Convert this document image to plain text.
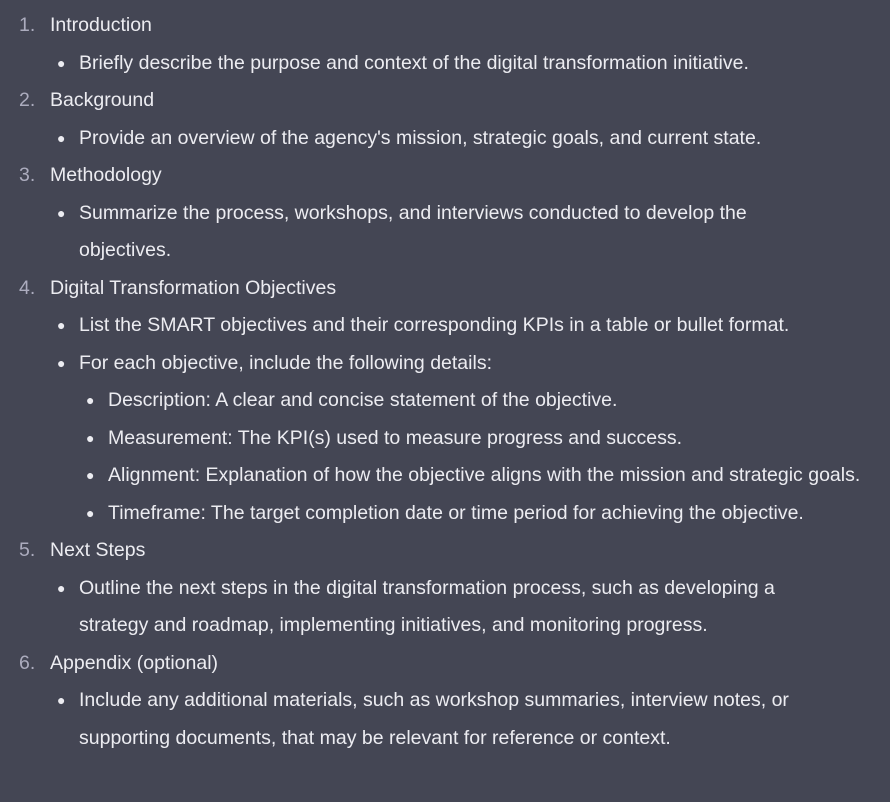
1. Introduction
● Briefly describe the purpose and context of the digital transformation initiative.
2. Background
● Provide an overview of the agency's mission, strategic goals, and current state.
3. Methodology
● Summarize the process, workshops, and interviews conducted to develop the objectives.
4. Digital Transformation Objectives
● List the SMART objectives and their corresponding KPIs in a table or bullet format.
● For each objective, include the following details:
● Description: A clear and concise statement of the objective.
● Measurement: The KPI(s) used to measure progress and success.
● Alignment: Explanation of how the objective aligns with the mission and strategic goals.
● Timeframe: The target completion date or time period for achieving the objective.
5. Next Steps
● Outline the next steps in the digital transformation process, such as developing a strategy and roadmap, implementing initiatives, and monitoring progress.
6. Appendix (optional)
● Include any additional materials, such as workshop summaries, interview notes, or supporting documents, that may be relevant for reference or context.
